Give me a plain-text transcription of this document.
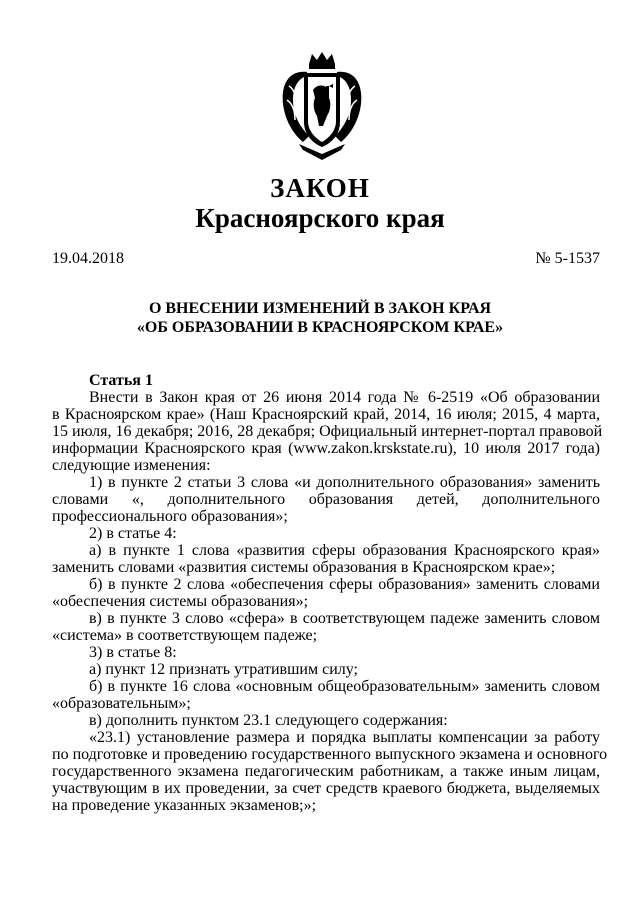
ЗАКОН
Красноярского края
19.04.2018	№ 5-1537
О ВНЕСЕНИИ ИЗМЕНЕНИЙ В ЗАКОН КРАЯ
«ОБ ОБРАЗОВАНИИ В КРАСНОЯРСКОМ КРАЕ»
Статья 1
Внести в Закон края от 26 июня 2014 года № 6-2519 «Об образовании
в Красноярском крае» (Наш Красноярский край, 2014, 16 июля; 2015, 4 марта,
15 июля, 16 декабря; 2016, 28 декабря; Официальный интернет-портал правовой
информации Красноярского края (www.zakon.krskstate.ru), 10 июля 2017 года)
следующие изменения:
1) в пункте 2 статьи 3 слова «и дополнительного образования» заменить
словами «, дополнительного образования детей, дополнительного
профессионального образования»;
2) в статье 4:
а) в пункте 1 слова «развития сферы образования Красноярского края»
заменить словами «развития системы образования в Красноярском крае»;
б) в пункте 2 слова «обеспечения сферы образования» заменить словами
«обеспечения системы образования»;
в) в пункте 3 слово «сфера» в соответствующем падеже заменить словом
«система» в соответствующем падеже;
3) в статье 8:
а) пункт 12 признать утратившим силу;
б) в пункте 16 слова «основным общеобразовательным» заменить словом
«образовательным»;
в) дополнить пунктом 23.1 следующего содержания:
«23.1) установление размера и порядка выплаты компенсации за работу
по подготовке и проведению государственного выпускного экзамена и основного
государственного экзамена педагогическим работникам, а также иным лицам,
участвующим в их проведении, за счет средств краевого бюджета, выделяемых
на проведение указанных экзаменов;»;
